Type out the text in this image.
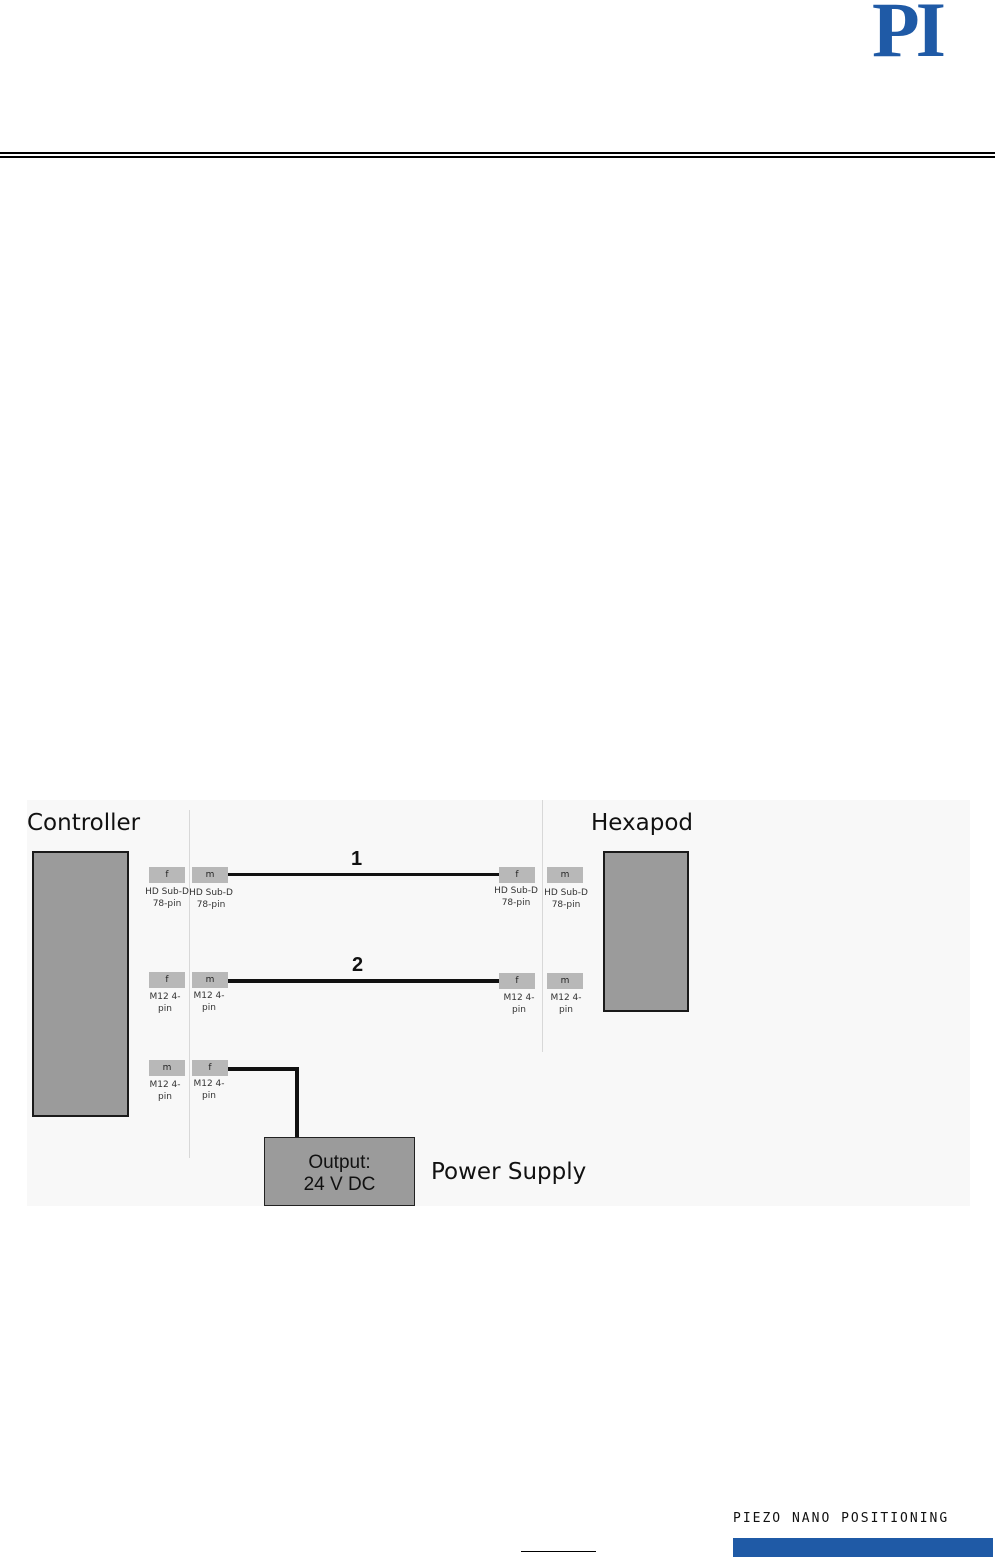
PI
Controller	Hexapod
Power Supply
f
HD Sub-D 78-pin
m
HD Sub-D 78-pin
1
f
HD Sub-D 78-pin
m
HD Sub-D 78-pin
f
M12 4-pin
m
M12 4-pin
2
f
M12 4-pin
m
M12 4-pin
m
M12 4-pin
f
M12 4-pin
Output:
24 V DC
PIEZO NANO POSITIONING
